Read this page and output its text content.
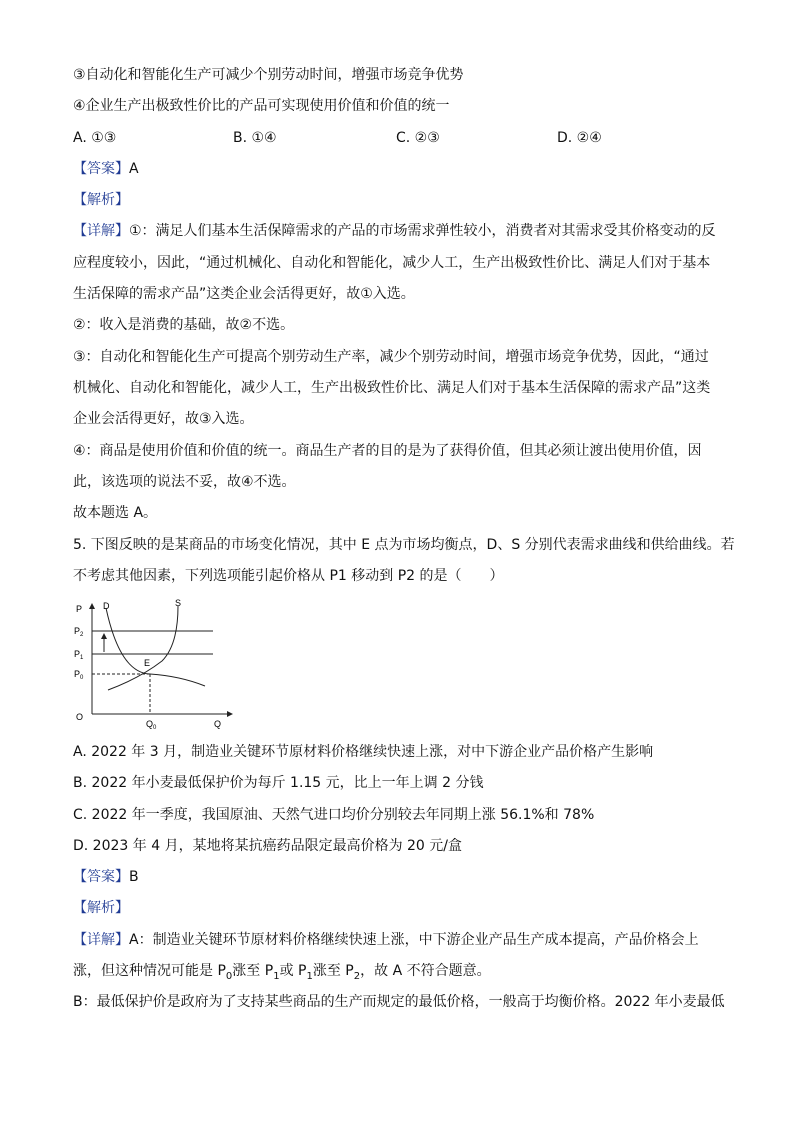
③自动化和智能化生产可减少个别劳动时间，增强市场竞争优势
④企业生产出极致性价比的产品可实现使用价值和价值的统一
A. ①③	B. ①④	C. ②③	D. ②④
【答案】A
【解析】
【详解】①：满足人们基本生活保障需求的产品的市场需求弹性较小，消费者对其需求受其价格变动的反
应程度较小，因此，“通过机械化、自动化和智能化，减少人工，生产出极致性价比、满足人们对于基本
生活保障的需求产品”这类企业会活得更好，故①入选。
②：收入是消费的基础，故②不选。
③：自动化和智能化生产可提高个别劳动生产率，减少个别劳动时间，增强市场竞争优势，因此，“通过
机械化、自动化和智能化，减少人工，生产出极致性价比、满足人们对于基本生活保障的需求产品”这类
企业会活得更好，故③入选。
④：商品是使用价值和价值的统一。商品生产者的目的是为了获得价值，但其必须让渡出使用价值，因
此，该选项的说法不妥，故④不选。
故本题选 A。
5. 下图反映的是某商品的市场变化情况，其中 E 点为市场均衡点，D、S 分别代表需求曲线和供给曲线。若
不考虑其他因素，下列选项能引起价格从 P1 移动到 P2 的是（　　）
P D	S
$P_2$
$P_1$
$P_0$
E
O
$Q_0$	Q
A. 2022 年 3 月，制造业关键环节原材料价格继续快速上涨，对中下游企业产品价格产生影响
B. 2022 年小麦最低保护价为每斤 1.15 元，比上一年上调 2 分钱
C. 2022 年一季度，我国原油、天然气进口均价分别较去年同期上涨 56.1%和 78%
D. 2023 年 4 月，某地将某抗癌药品限定最高价格为 20 元/盒
【答案】B
【解析】
【详解】A：制造业关键环节原材料价格继续快速上涨，中下游企业产品生产成本提高，产品价格会上
涨，但这种情况可能是 $P_0$涨至 $P_1$或 $P_1$涨至 $P_2$，故 A 不符合题意。
B：最低保护价是政府为了支持某些商品的生产而规定的最低价格，一般高于均衡价格。2022 年小麦最低
